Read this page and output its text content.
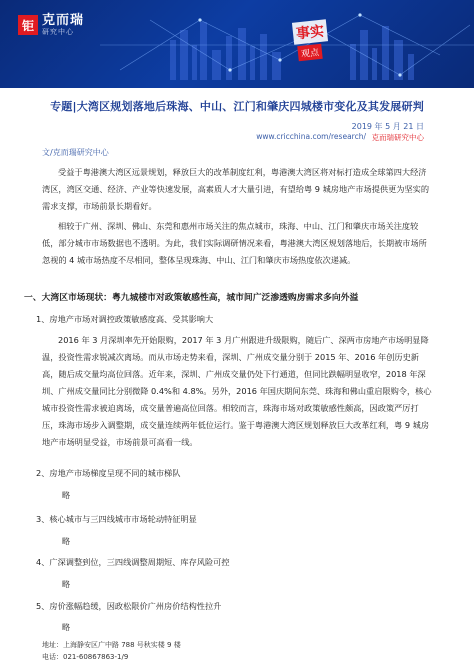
钜 克而瑞
研究中心	事实
观点
专题|大湾区规划落地后珠海、中山、江门和肇庆四城楼市变化及其发展研判
2019 年 5 月 21 日
www.cricchina.com/research/ 克而瑞研究中心
文/克而瑞研究中心

受益于粤港澳大湾区远景规划，释放巨大的改革制度红利，粤港澳大湾区将对标打造成全球第四大经济湾区，湾区交通、经济、产业等快速发展，高素质人才大量引进，有望给粤 9 城房地产市场提供更为坚实的需求支撑，市场前景长期看好。

相较于广州、深圳、佛山、东莞和惠州市场关注的焦点城市，珠海、中山、江门和肇庆市场关注度较低，部分城市市场数据也不透明。为此，我们实际调研情况来看，粤港澳大湾区规划落地后，长期被市场所忽视的 4 城市场热度不尽相同，整体呈现珠海、中山、江门和肇庆市场热度依次递减。

一、大湾区市场现状：粤九城楼市对政策敏感性高，城市间广泛渗透购房需求多向外溢
1、房地产市场对调控政策敏感度高、受其影响大

2016 年 3 月深圳率先开始限购，2017 年 3 月广州跟进升级限购，随后广、深两市房地产市场明显降温，投资性需求锐减次离场。而从市场走势来看，深圳、广州成交量分别于 2015 年、2016 年创历史新高，随后成交量均高位回落。近年来，深圳、广州成交量仍处下行通道，但同比跌幅明显收窄，2018 年深圳、广州成交量同比分别微降 0.4%和 4.8%。另外，2016 年国庆期间东莞、珠海和佛山重启限购令，核心城市投资性需求被迫离场，成交量普遍高位回落。相较而言，珠海市场对政策敏感性颇高，因政策严厉打压，珠海市场步入调整期，成交量连续两年低位运行。鉴于粤港澳大湾区规划释放巨大改革红利，粤 9 城房地产市场明显受益，市场前景可高看一线。

2、房地产市场梯度呈现不同的城市梯队
略
3、核心城市与三四线城市市场轮动特征明显
略
4、广深调整到位，三四线调整周期短、库存风险可控
略
5、房价涨幅趋缓，因政松限价广州房价结构性拉升
略
地址：上海静安区广中路 788 号秋实楼 9 楼
电话：021-60867863-1/9
